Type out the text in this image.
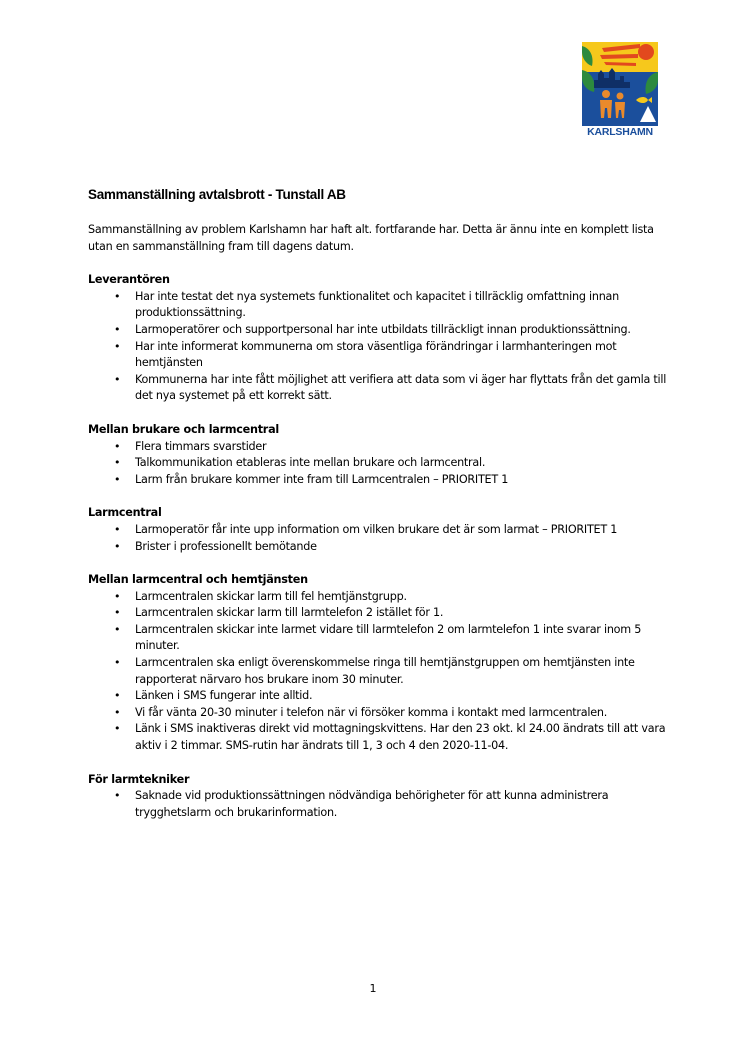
KARLSHAMN
Sammanställning avtalsbrott - Tunstall AB

Sammanställning av problem Karlshamn har haft alt. fortfarande har. Detta är ännu inte en komplett lista utan en sammanställning fram till dagens datum.

Leverantören
• Har inte testat det nya systemets funktionalitet och kapacitet i tillräcklig omfattning innan produktionssättning.
• Larmoperatörer och supportpersonal har inte utbildats tillräckligt innan produktionssättning.
• Har inte informerat kommunerna om stora väsentliga förändringar i larmhanteringen mot hemtjänsten
• Kommunerna har inte fått möjlighet att verifiera att data som vi äger har flyttats från det gamla till det nya systemet på ett korrekt sätt.
Mellan brukare och larmcentral
• Flera timmars svarstider
• Talkommunikation etableras inte mellan brukare och larmcentral.
• Larm från brukare kommer inte fram till Larmcentralen – PRIORITET 1
Larmcentral
• Larmoperatör får inte upp information om vilken brukare det är som larmat – PRIORITET 1
• Brister i professionellt bemötande
Mellan larmcentral och hemtjänsten
• Larmcentralen skickar larm till fel hemtjänstgrupp.
• Larmcentralen skickar larm till larmtelefon 2 istället för 1.
• Larmcentralen skickar inte larmet vidare till larmtelefon 2 om larmtelefon 1 inte svarar inom 5 minuter.
• Larmcentralen ska enligt överenskommelse ringa till hemtjänstgruppen om hemtjänsten inte rapporterat närvaro hos brukare inom 30 minuter.
• Länken i SMS fungerar inte alltid.
• Vi får vänta 20-30 minuter i telefon när vi försöker komma i kontakt med larmcentralen.
• Länk i SMS inaktiveras direkt vid mottagningskvittens. Har den 23 okt. kl 24.00 ändrats till att vara aktiv i 2 timmar. SMS-rutin har ändrats till 1, 3 och 4 den 2020-11-04.
För larmtekniker
• Saknade vid produktionssättningen nödvändiga behörigheter för att kunna administrera trygghetslarm och brukarinformation.
1
